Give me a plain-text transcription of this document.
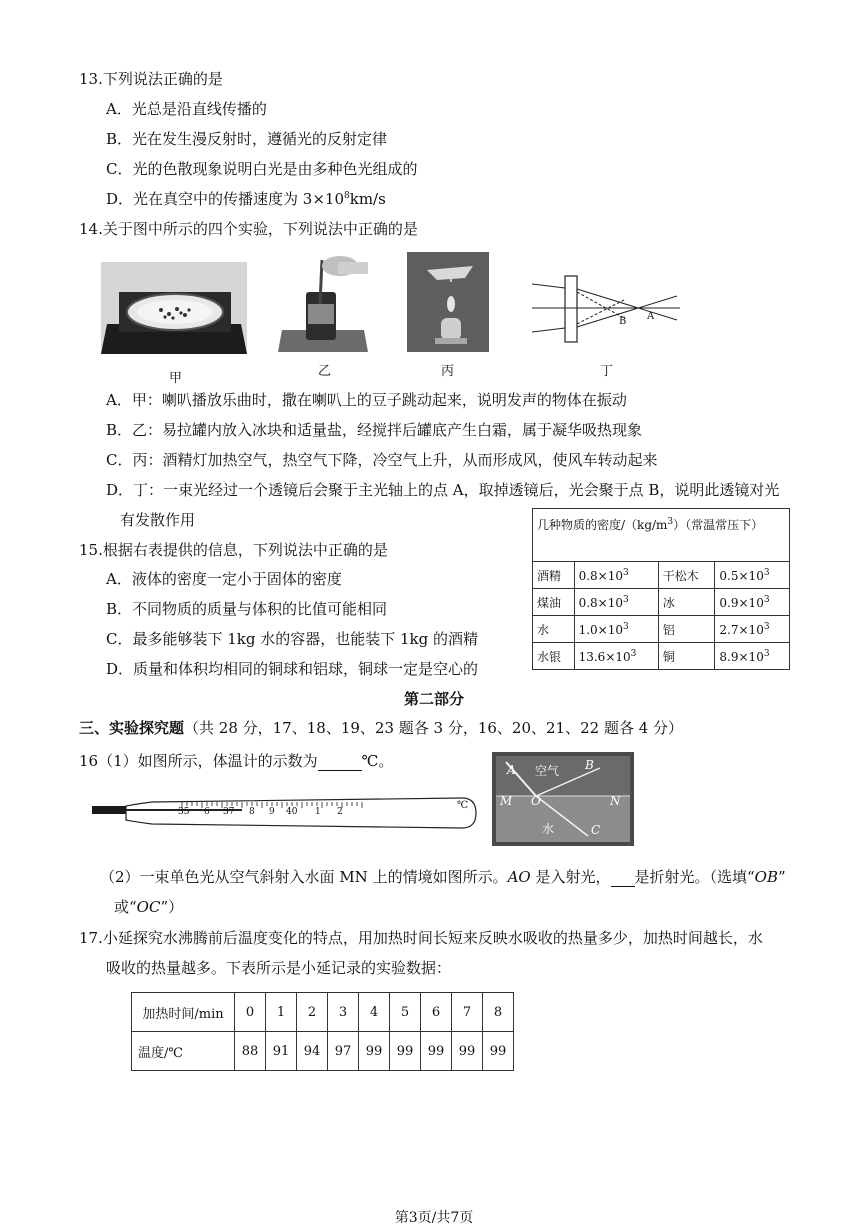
13.下列说法正确的是
A．光总是沿直线传播的
B．光在发生漫反射时，遵循光的反射定律
C．光的色散现象说明白光是由多种色光组成的
D．光在真空中的传播速度为 $3\times 10^8km/s$
14.关于图中所示的四个实验，下列说法中正确的是
甲	乙	丙
B A
丁
A．甲：喇叭播放乐曲时，撒在喇叭上的豆子跳动起来，说明发声的物体在振动
B．乙：易拉罐内放入冰块和适量盐，经搅拌后罐底产生白霜，属于凝华吸热现象
C．丙：酒精灯加热空气，热空气下降，冷空气上升，从而形成风，使风车转动起来
D．丁：一束光经过一个透镜后会聚于主光轴上的点 A，取掉透镜后，光会聚于点 B，说明此透镜对光
有发散作用
15.根据右表提供的信息，下列说法中正确的是
A．液体的密度一定小于固体的密度
B．不同物质的质量与体积的比值可能相同
C．最多能够装下 1kg 水的容器，也能装下 1kg 的酒精
D．质量和体积均相同的铜球和铝球，铜球一定是空心的
几种物质的密度$/(kg/m^3)$（常温常压下）			
酒精	$0.8\times 10^3$	干松木	$0.5\times 10^3$
煤油	$0.8\times 10^3$	冰	$0.9\times 10^3$
水	$1.0\times 10^3$	铝	$2.7\times 10^3$
水银	$13.6\times 10^3$	铜	$8.9\times 10^3$
第二部分
三、实验探究题（共 28 分，17、18、19、23 题各 3 分，16、20、21、22 题各 4 分）
16（1）如图所示，体温计的示数为	℃。
35 6 37 8 9 40 1 2
℃
A 空气 B
M O	N
水	C
（2）一束单色光从空气斜射入水面 MN 上的情境如图所示。AO 是入射光， 是折射光。（选填“OB”
或“OC”）
17.小延探究水沸腾前后温度变化的特点，用加热时间长短来反映水吸收的热量多少，加热时间越长，水
吸收的热量越多。下表所示是小延记录的实验数据：
加热时间/min	0	1	2	3	4	5	6	7	8
温度/℃	88	91	94	97	99	99	99	99	99
第3页/共7页
